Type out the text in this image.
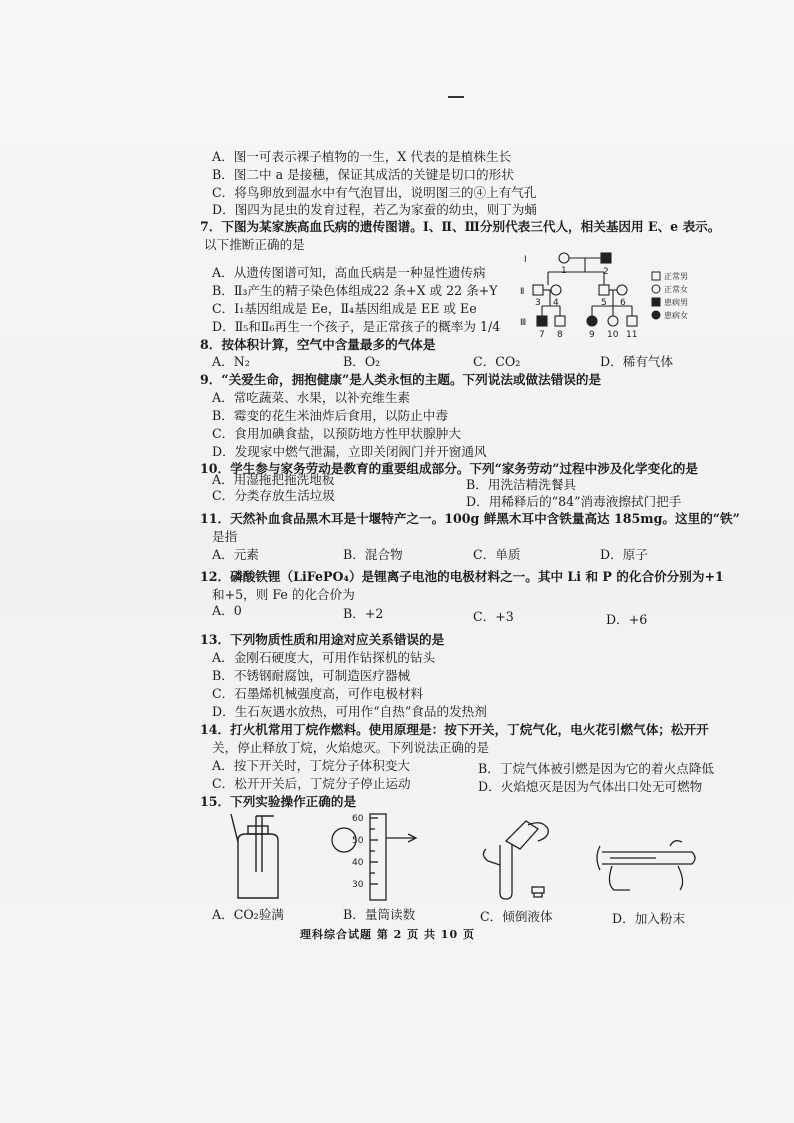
A．图一可表示裸子植物的一生，X 代表的是植株生长
B．图二中 a 是接穗，保证其成活的关键是切口的形状
C．将鸟卵放到温水中有气泡冒出，说明图三的④上有气孔
D．图四为昆虫的发育过程，若乙为家蚕的幼虫，则丁为蛹
7．下图为某家族高血氏病的遗传图谱。Ⅰ、Ⅱ、Ⅲ分别代表三代人，相关基因用 E、e 表示。
以下推断正确的是
A．从遗传图谱可知，高血氏病是一种显性遗传病
B．Ⅱ₃产生的精子染色体组成22 条+X 或 22 条+Y
C．Ⅰ₁基因组成是 Ee，Ⅱ₄基因组成是 EE 或 Ee
D．Ⅱ₅和Ⅱ₆再生一个孩子，是正常孩子的概率为 1/4
Ⅰ
Ⅱ
Ⅲ
1	2
3 4	5 6
7 8	9 10 11
正常男
正常女
患病男
患病女
8．按体积计算，空气中含量最多的气体是
A．N₂	B．O₂	C．CO₂	D．稀有气体
9．“关爱生命，拥抱健康”是人类永恒的主题。下列说法或做法错误的是
A．常吃蔬菜、水果，以补充维生素
B．霉变的花生米油炸后食用，以防止中毒
C．食用加碘食盐，以预防地方性甲状腺肿大
D．发现家中燃气泄漏，立即关闭阀门并开窗通风
10．学生参与家务劳动是教育的重要组成部分。下列“家务劳动”过程中涉及化学变化的是
A．用湿拖把拖洗地板	B．用洗洁精洗餐具
C．分类存放生活垃圾	D．用稀释后的“84”消毒液擦拭门把手
11．天然补血食品黑木耳是十堰特产之一。100g 鲜黑木耳中含铁量高达 185mg。这里的“铁”
是指
A．元素	B．混合物	C．单质	D．原子
12．磷酸铁锂（LiFePO₄）是锂离子电池的电极材料之一。其中 Li 和 P 的化合价分别为+1
和+5，则 Fe 的化合价为
A．0	B．+2	C．+3	D．+6
13．下列物质性质和用途对应关系错误的是
A．金刚石硬度大，可用作钻探机的钻头
B．不锈钢耐腐蚀，可制造医疗器械
C．石墨烯机械强度高，可作电极材料
D．生石灰遇水放热，可用作“自热”食品的发热剂
14．打火机常用丁烷作燃料。使用原理是：按下开关，丁烷气化，电火花引燃气体；松开开
关，停止释放丁烷，火焰熄灭。下列说法正确的是
A．按下开关时，丁烷分子体积变大	B．丁烷气体被引燃是因为它的着火点降低
C．松开开关后，丁烷分子停止运动	D．火焰熄灭是因为气体出口处无可燃物
15．下列实验操作正确的是
60
50
40
30
A．CO₂验满	B．量筒读数	C．倾倒液体	D．加入粉末
理科综合试题 第 2 页 共 10 页
